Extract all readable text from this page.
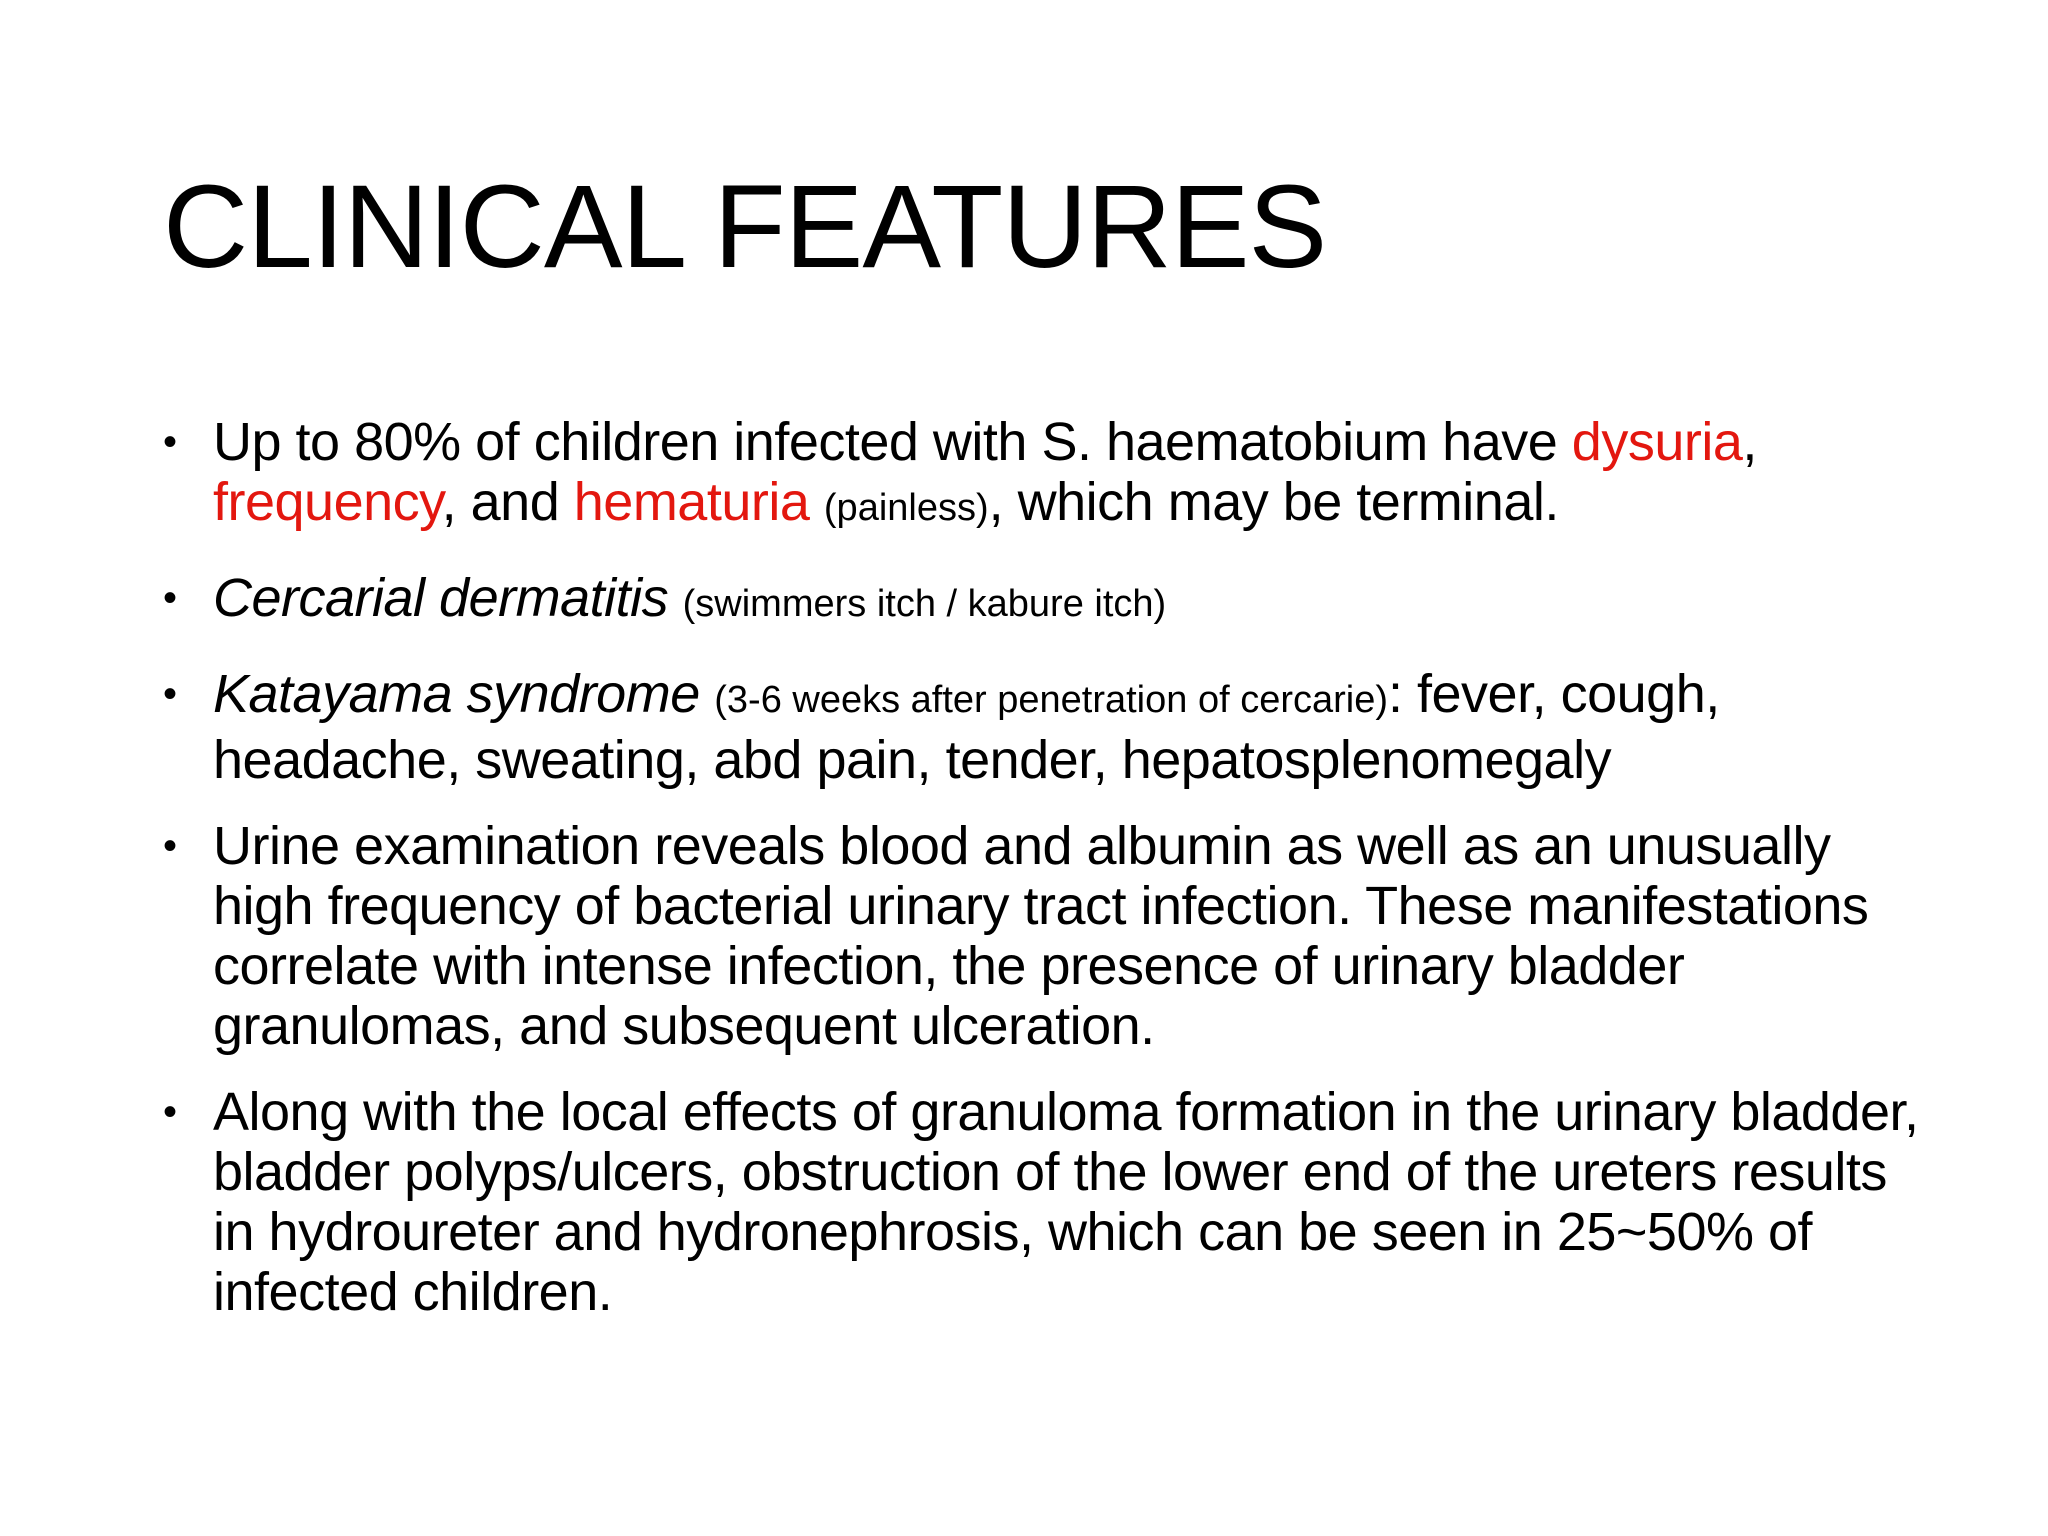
CLINICAL FEATURES
• Up to 80% of children infected with S. haematobium have dysuria,
frequency, and hematuria (painless), which may be terminal.
• Cercarial dermatitis (swimmers itch / kabure itch)
• Katayama syndrome (3-6 weeks after penetration of cercarie): fever, cough, headache, sweating, abd pain, tender, hepatosplenomegaly
• Urine examination reveals blood and albumin as well as an unusually high frequency of bacterial urinary tract infection. These manifestations correlate with intense infection, the presence of urinary bladder granulomas, and subsequent ulceration.
• Along with the local effects of granuloma formation in the urinary bladder, bladder polyps/ulcers, obstruction of the lower end of the ureters results in hydroureter and hydronephrosis, which can be seen in 25~50% of infected children.
